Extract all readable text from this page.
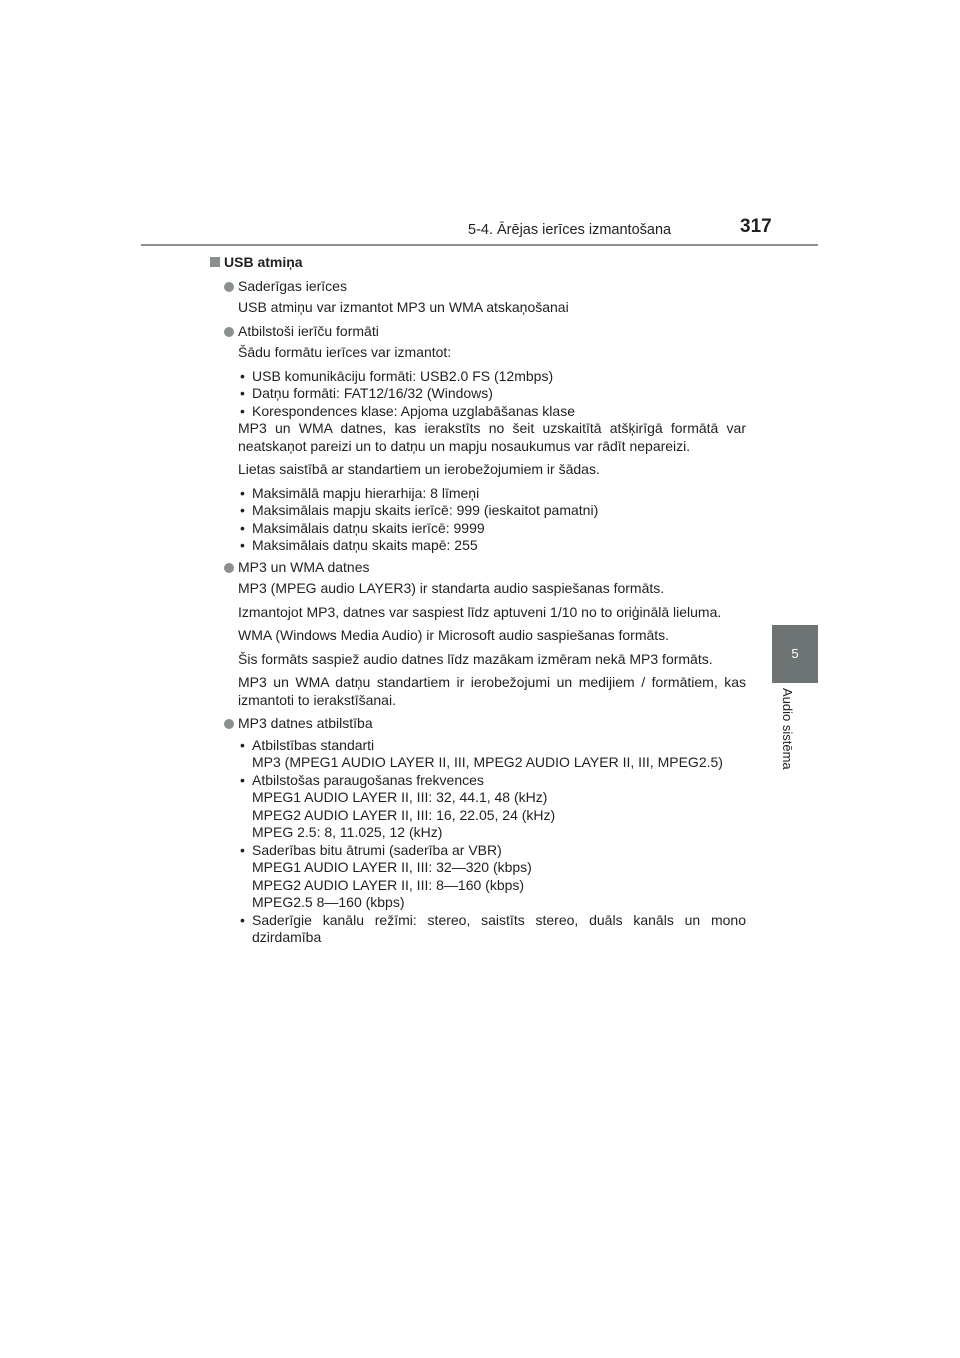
5-4. Ārējas ierīces izmantošana	317
5
Audio sistēma
USB atmiņa
Saderīgas ierīces
USB atmiņu var izmantot MP3 un WMA atskaņošanai
Atbilstoši ierīču formāti
Šādu formātu ierīces var izmantot:
• USB komunikāciju formāti: USB2.0 FS (12mbps)
• Datņu formāti: FAT12/16/32 (Windows)
• Korespondences klase: Apjoma uzglabāšanas klase
MP3 un WMA datnes, kas ierakstīts no šeit uzskaitītā atšķirīgā formātā var neatskaņot pareizi un to datņu un mapju nosaukumus var rādīt nepareizi.
Lietas saistībā ar standartiem un ierobežojumiem ir šādas.
• Maksimālā mapju hierarhija: 8 līmeņi
• Maksimālais mapju skaits ierīcē: 999 (ieskaitot pamatni)
• Maksimālais datņu skaits ierīcē: 9999
• Maksimālais datņu skaits mapē: 255
MP3 un WMA datnes
MP3 (MPEG audio LAYER3) ir standarta audio saspiešanas formāts.
Izmantojot MP3, datnes var saspiest līdz aptuveni 1/10 no to oriģinālā lieluma.
WMA (Windows Media Audio) ir Microsoft audio saspiešanas formāts.
Šis formāts saspiež audio datnes līdz mazākam izmēram nekā MP3 formāts.
MP3 un WMA datņu standartiem ir ierobežojumi un medijiem / formātiem, kas izmantoti to ierakstīšanai.
MP3 datnes atbilstība
• Atbilstības standarti
MP3 (MPEG1 AUDIO LAYER II, III, MPEG2 AUDIO LAYER II, III, MPEG2.5)
• Atbilstošas paraugošanas frekvences
MPEG1 AUDIO LAYER II, III: 32, 44.1, 48 (kHz)
MPEG2 AUDIO LAYER II, III: 16, 22.05, 24 (kHz)
MPEG 2.5: 8, 11.025, 12 (kHz)
• Saderības bitu ātrumi (saderība ar VBR)
MPEG1 AUDIO LAYER II, III: 32—320 (kbps)
MPEG2 AUDIO LAYER II, III: 8—160 (kbps)
MPEG2.5 8—160 (kbps)
• Saderīgie kanālu režīmi: stereo, saistīts stereo, duāls kanāls un mono dzirdamība
